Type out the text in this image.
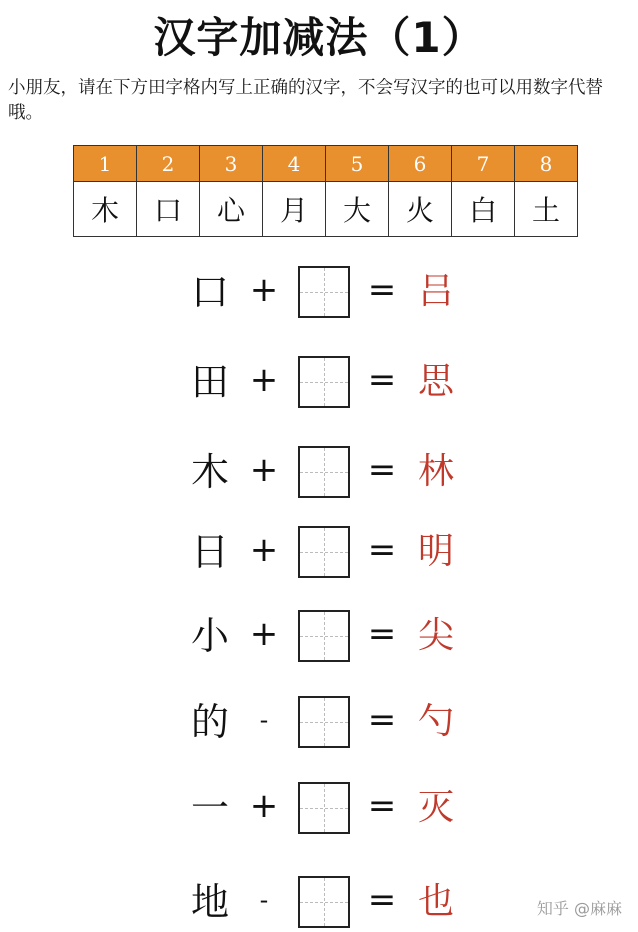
汉字加减法（1）
小朋友，请在下方田字格内写上正确的汉字，不会写汉字的也可以用数字代替哦。
1	2	3	4	5	6	7	8
木	口	心	月	大	火	白	土
口 +	= 吕
田 +	= 思
木 +	= 林
日 +	= 明
小 +	= 尖
的	-	= 勺
一 +	= 灭
地	-	= 也	知乎 @麻麻
